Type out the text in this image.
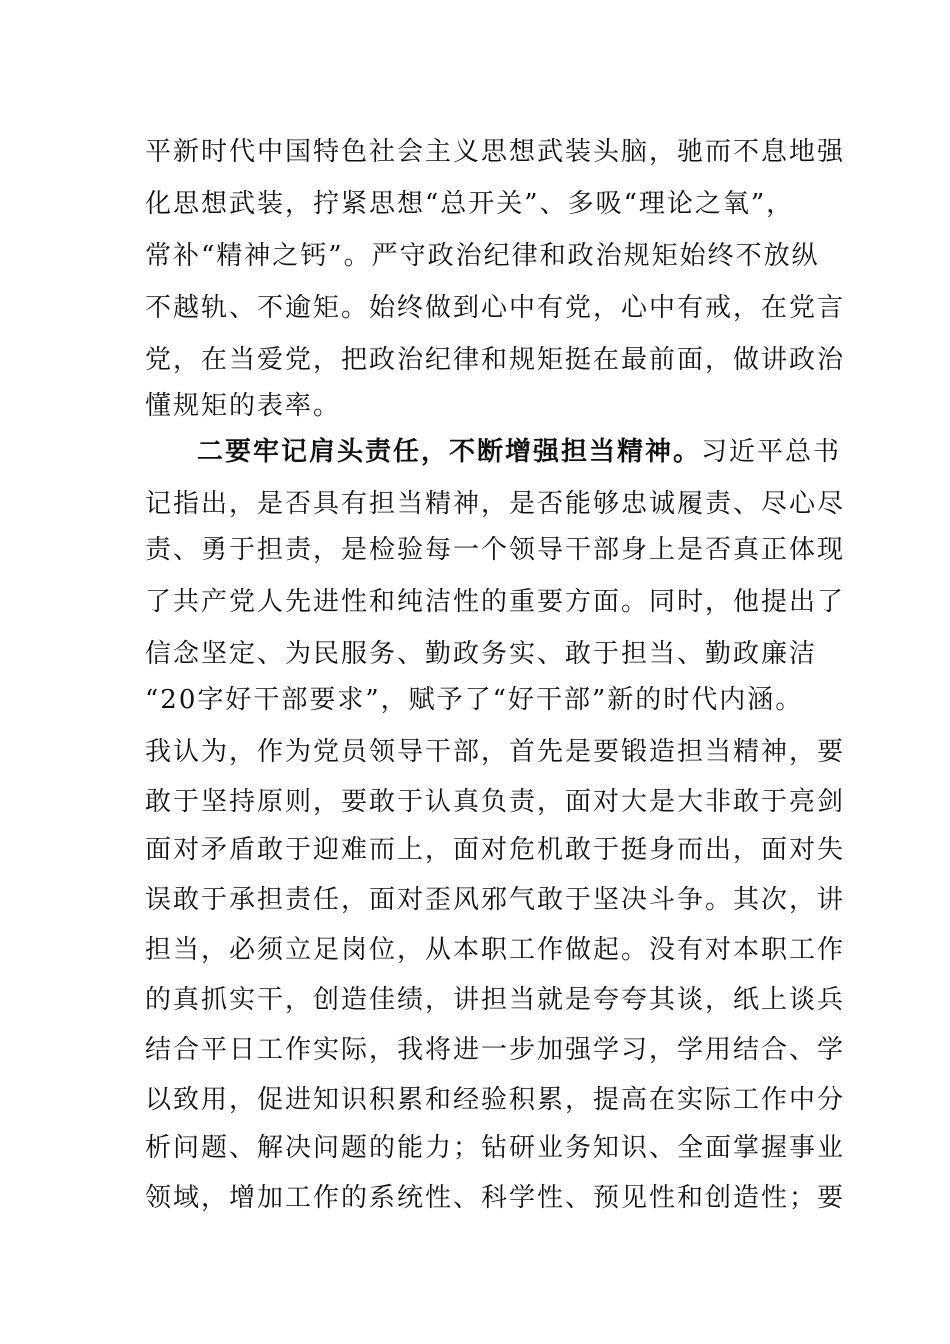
平新时代中国特色社会主义思想武装头脑，驰而不息地强
化思想武装，拧紧思想“总开关”、多吸“理论之氧”，
常补“精神之钙”。严守政治纪律和政治规矩始终不放纵
不越轨、不逾矩。始终做到心中有党，心中有戒，在党言
党，在当爱党，把政治纪律和规矩挺在最前面，做讲政治
懂规矩的表率。
二要牢记肩头责任，不断增强担当精神。习近平总书
记指出，是否具有担当精神，是否能够忠诚履责、尽心尽
责、勇于担责，是检验每一个领导干部身上是否真正体现
了共产党人先进性和纯洁性的重要方面。同时，他提出了
信念坚定、为民服务、勤政务实、敢于担当、勤政廉洁
“20字好干部要求”，赋予了“好干部”新的时代内涵。
我认为，作为党员领导干部，首先是要锻造担当精神，要
敢于坚持原则，要敢于认真负责，面对大是大非敢于亮剑
面对矛盾敢于迎难而上，面对危机敢于挺身而出，面对失
误敢于承担责任，面对歪风邪气敢于坚决斗争。其次，讲
担当，必须立足岗位，从本职工作做起。没有对本职工作
的真抓实干，创造佳绩，讲担当就是夸夸其谈，纸上谈兵
结合平日工作实际，我将进一步加强学习，学用结合、学
以致用，促进知识积累和经验积累，提高在实际工作中分
析问题、解决问题的能力；钻研业务知识、全面掌握事业
领域，增加工作的系统性、科学性、预见性和创造性；要
